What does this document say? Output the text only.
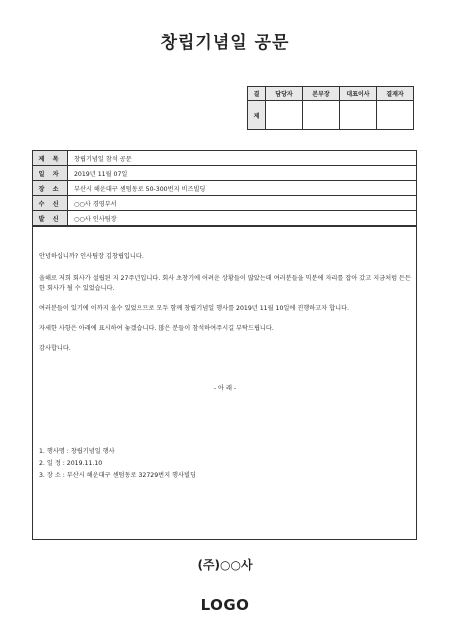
창립기념일 공문
결	담당자	본부장	대표이사	결재자
제				
제 목	창립기념일 참석 공문
일 자	2019년 11월 07일
장 소	부산시 해운대구 센텀동로 50-300번지 비즈빌딩
수 신	○○사 경영부서
발 신	○○사 인사팀장

안녕하십니까? 인사팀장 김창립입니다.

올해로 저희 회사가 설립된 지 27주년입니다. 회사 초창기에 어려운 상황들이 많았는데 여러분들을 믹분에 자리를 잡아 갔고 지금처럼 든든한 회사가 될 수 있었습니다.

여러분들이 있기에 이까지 올수 있었으므로 모두 함께 창립기념일 행사를 2019년 11월 10일에 진행하고자 합니다.

자세한 사항은 아래에 표시하여 놓겠습니다. 많은 분들이 참석하여주시길 부탁드립니다.

감사합니다.

- 아 래 -

1. 행사명 : 창립기념일 행사
2. 일 정 : 2019.11.10
3. 장 소 : 부산시 해운대구 센텀동로 32729번지 행사빌딩
(주)○○사
LOGO
